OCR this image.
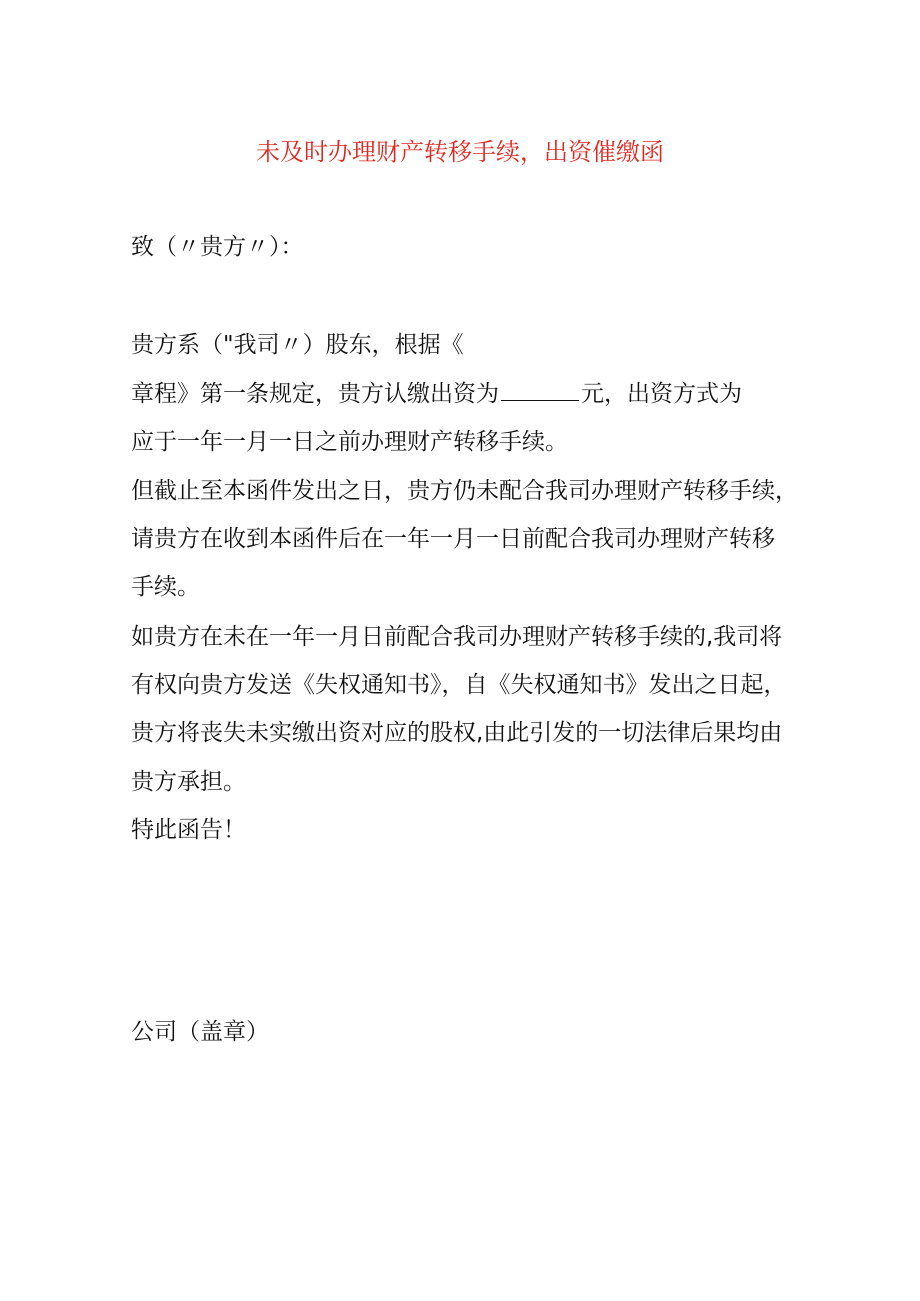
未及时办理财产转移手续，出资催缴函

致（〃贵方〃）：

贵方系（"我司〃）股东，根据《

章程》第一条规定，贵方认缴出资为	元，出资方式为

应于一年一月一日之前办理财产转移手续。

但截止至本函件发出之日，贵方仍未配合我司办理财产转移手续，

请贵方在收到本函件后在一年一月一日前配合我司办理财产转移

手续。

如贵方在未在一年一月日前配合我司办理财产转移手续的,我司将

有权向贵方发送《失权通知书》，自《失权通知书》发出之日起，

贵方将丧失未实缴出资对应的股权,由此引发的一切法律后果均由

贵方承担。

特此函告！

公司（盖章）
